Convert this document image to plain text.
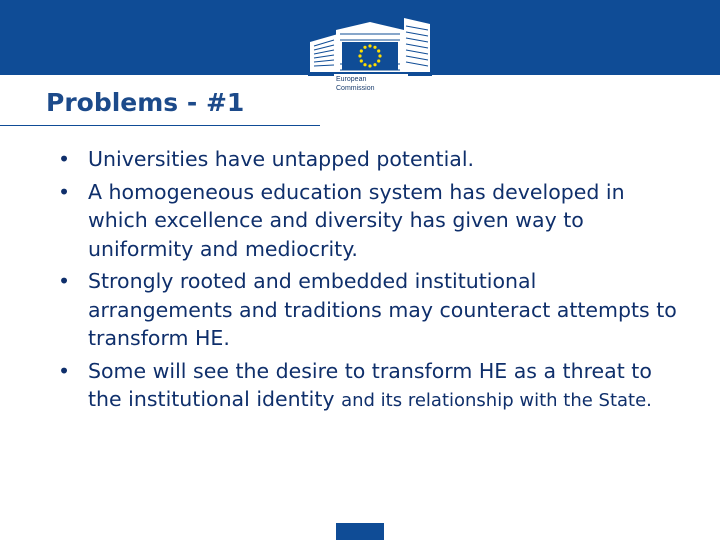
European
Commission
Problems - #1
• Universities have untapped potential.
• A homogeneous education system has developed in which excellence and diversity has given way to uniformity and mediocrity.
• Strongly rooted and embedded institutional arrangements and traditions may counteract attempts to transform HE.
• Some will see the desire to transform HE as a threat to the institutional identity and its relationship with the State.
